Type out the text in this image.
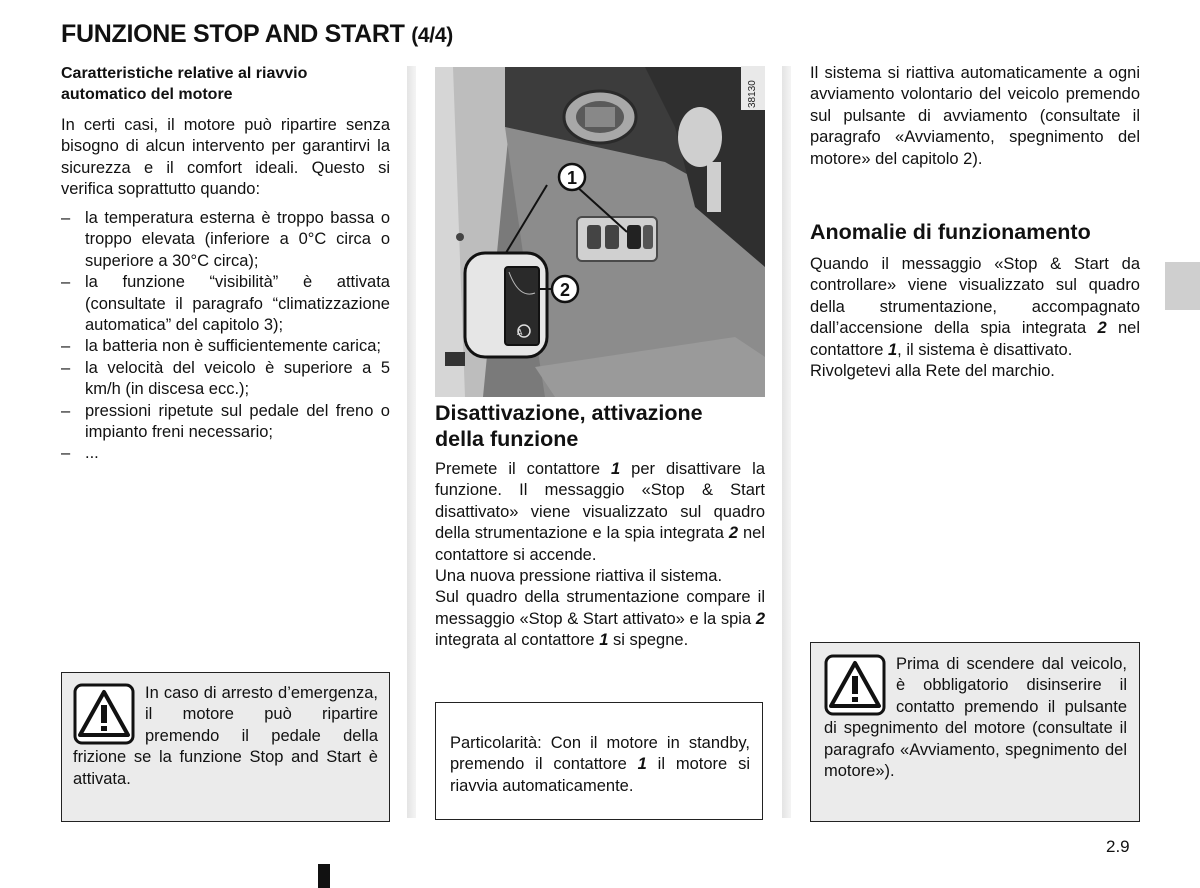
FUNZIONE STOP AND START (4/4)
Caratteristiche relative al riavvio
automatico del motore
In certi casi, il motore può ripartire senza bisogno di alcun intervento per garantirvi la sicurezza e il comfort ideali. Questo si verifica soprattutto quando:
– la temperatura esterna è troppo bassa o troppo elevata (inferiore a 0°C circa o superiore a 30°C circa);
– la funzione “visibilità” è attivata (consultate il paragrafo “climatizzazione automatica” del capitolo 3);
– la batteria non è sufficientemente carica;
– la velocità del veicolo è superiore a 5 km/h (in discesa ecc.);
– pressioni ripetute sul pedale del freno o impianto freni necessario;
– ...
In caso di arresto d’emergenza, il motore può ripartire premendo il pedale della frizione se la funzione Stop and Start è attivata.
A
1
2
38130
Disattivazione, attivazione
della funzione
Premete il contattore 1 per disattivare la funzione. Il messaggio «Stop & Start disattivato» viene visualizzato sul quadro della strumentazione e la spia integrata 2 nel contattore si accende.
Una nuova pressione riattiva il sistema.
Sul quadro della strumentazione compare il messaggio «Stop & Start attivato» e la spia 2 integrata al contattore 1 si spegne.
Particolarità: Con il motore in standby, premendo il contattore 1 il motore si riavvia automaticamente.
Il sistema si riattiva automaticamente a ogni avviamento volontario del veicolo premendo sul pulsante di avviamento (consultate il paragrafo «Avviamento, spegnimento del motore» del capitolo 2).
Anomalie di funzionamento
Quando il messaggio «Stop & Start da controllare» viene visualizzato sul quadro della strumentazione, accompagnato dall’accensione della spia integrata 2 nel contattore 1, il sistema è disattivato.
Rivolgetevi alla Rete del marchio.
Prima di scendere dal veicolo, è obbligatorio disinserire il contatto premendo il pulsante di spegnimento del motore (consultate il paragrafo «Avviamento, spegnimento del motore»).
2.9
